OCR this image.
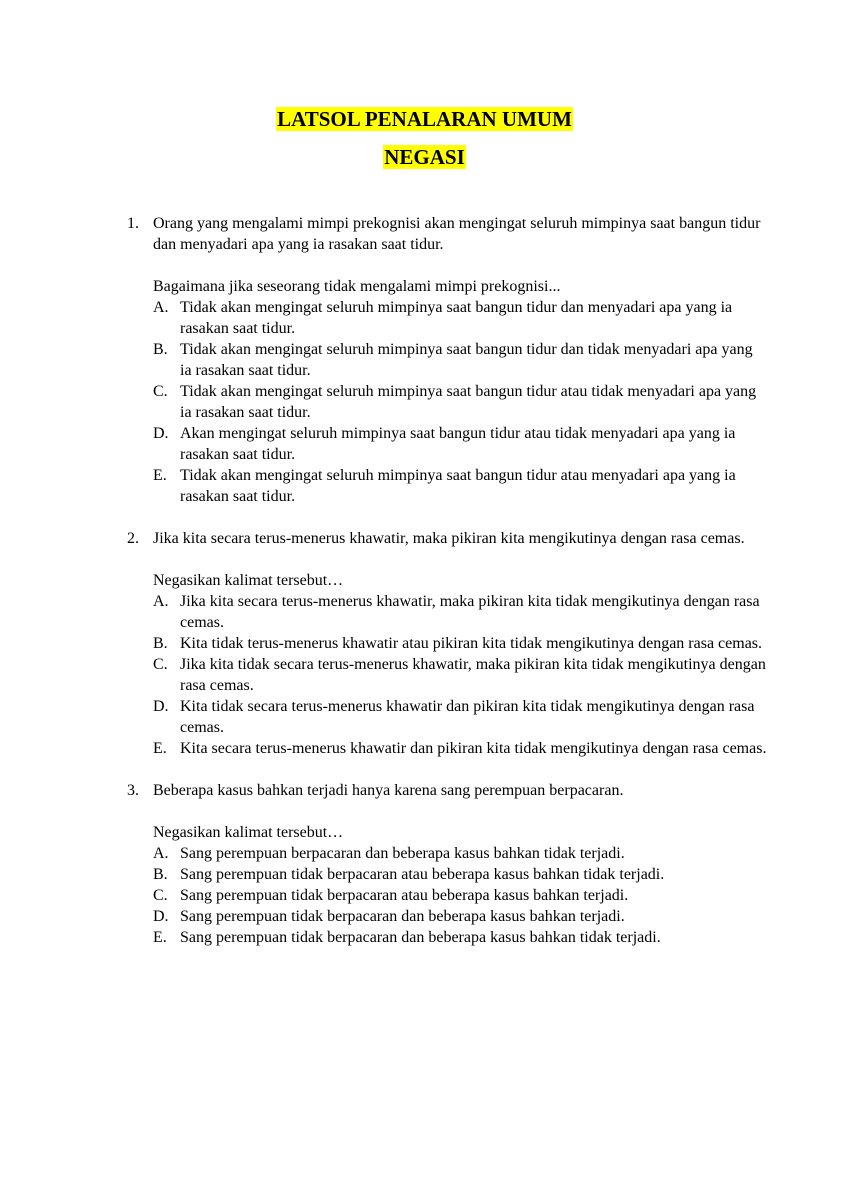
LATSOL PENALARAN UMUM
NEGASI
1. Orang yang mengalami mimpi prekognisi akan mengingat seluruh mimpinya saat bangun tidur dan menyadari apa yang ia rasakan saat tidur.
Bagaimana jika seseorang tidak mengalami mimpi prekognisi...
A. Tidak akan mengingat seluruh mimpinya saat bangun tidur dan menyadari apa yang ia rasakan saat tidur.
B. Tidak akan mengingat seluruh mimpinya saat bangun tidur dan tidak menyadari apa yang ia rasakan saat tidur.
C. Tidak akan mengingat seluruh mimpinya saat bangun tidur atau tidak menyadari apa yang ia rasakan saat tidur.
D. Akan mengingat seluruh mimpinya saat bangun tidur atau tidak menyadari apa yang ia rasakan saat tidur.
E. Tidak akan mengingat seluruh mimpinya saat bangun tidur atau menyadari apa yang ia rasakan saat tidur.
2. Jika kita secara terus-menerus khawatir, maka pikiran kita mengikutinya dengan rasa cemas.
Negasikan kalimat tersebut…
A. Jika kita secara terus-menerus khawatir, maka pikiran kita tidak mengikutinya dengan rasa cemas.
B. Kita tidak terus-menerus khawatir atau pikiran kita tidak mengikutinya dengan rasa cemas.
C. Jika kita tidak secara terus-menerus khawatir, maka pikiran kita tidak mengikutinya dengan rasa cemas.
D. Kita tidak secara terus-menerus khawatir dan pikiran kita tidak mengikutinya dengan rasa cemas.
E. Kita secara terus-menerus khawatir dan pikiran kita tidak mengikutinya dengan rasa cemas.
3. Beberapa kasus bahkan terjadi hanya karena sang perempuan berpacaran.
Negasikan kalimat tersebut…
A. Sang perempuan berpacaran dan beberapa kasus bahkan tidak terjadi.
B. Sang perempuan tidak berpacaran atau beberapa kasus bahkan tidak terjadi.
C. Sang perempuan tidak berpacaran atau beberapa kasus bahkan terjadi.
D. Sang perempuan tidak berpacaran dan beberapa kasus bahkan terjadi.
E. Sang perempuan tidak berpacaran dan beberapa kasus bahkan tidak terjadi.
